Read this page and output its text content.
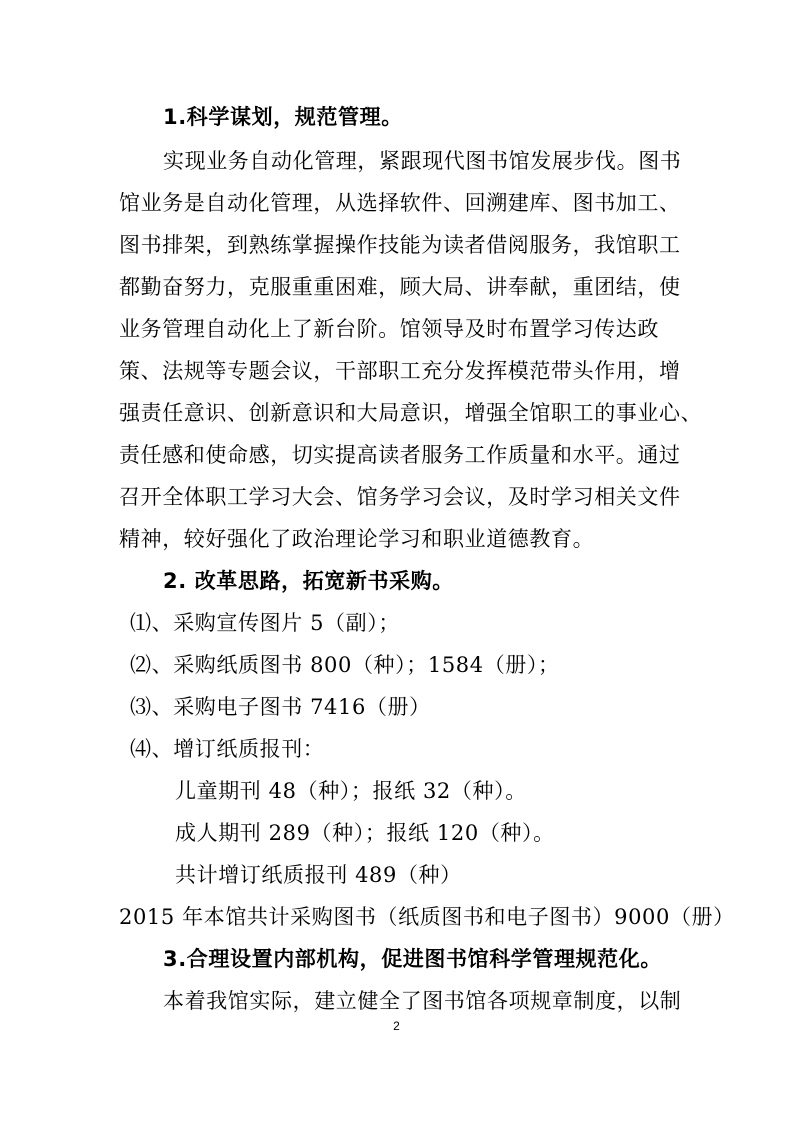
1.科学谋划，规范管理。
实现业务自动化管理，紧跟现代图书馆发展步伐。图书
馆业务是自动化管理，从选择软件、回溯建库、图书加工、
图书排架，到熟练掌握操作技能为读者借阅服务，我馆职工
都勤奋努力，克服重重困难，顾大局、讲奉献，重团结，使
业务管理自动化上了新台阶。馆领导及时布置学习传达政
策、法规等专题会议，干部职工充分发挥模范带头作用，增
强责任意识、创新意识和大局意识，增强全馆职工的事业心、
责任感和使命感，切实提高读者服务工作质量和水平。通过
召开全体职工学习大会、馆务学习会议，及时学习相关文件
精神，较好强化了政治理论学习和职业道德教育。
2. 改革思路，拓宽新书采购。
⑴、采购宣传图片 5（副）；
⑵、采购纸质图书 800（种）；1584（册）；
⑶、采购电子图书 7416（册）
⑷、增订纸质报刊：
儿童期刊 48（种）；报纸 32（种）。
成人期刊 289（种）；报纸 120（种）。
共计增订纸质报刊 489（种）
2015 年本馆共计采购图书（纸质图书和电子图书）9000（册）
3.合理设置内部机构，促进图书馆科学管理规范化。
本着我馆实际，建立健全了图书馆各项规章制度，以制
2
